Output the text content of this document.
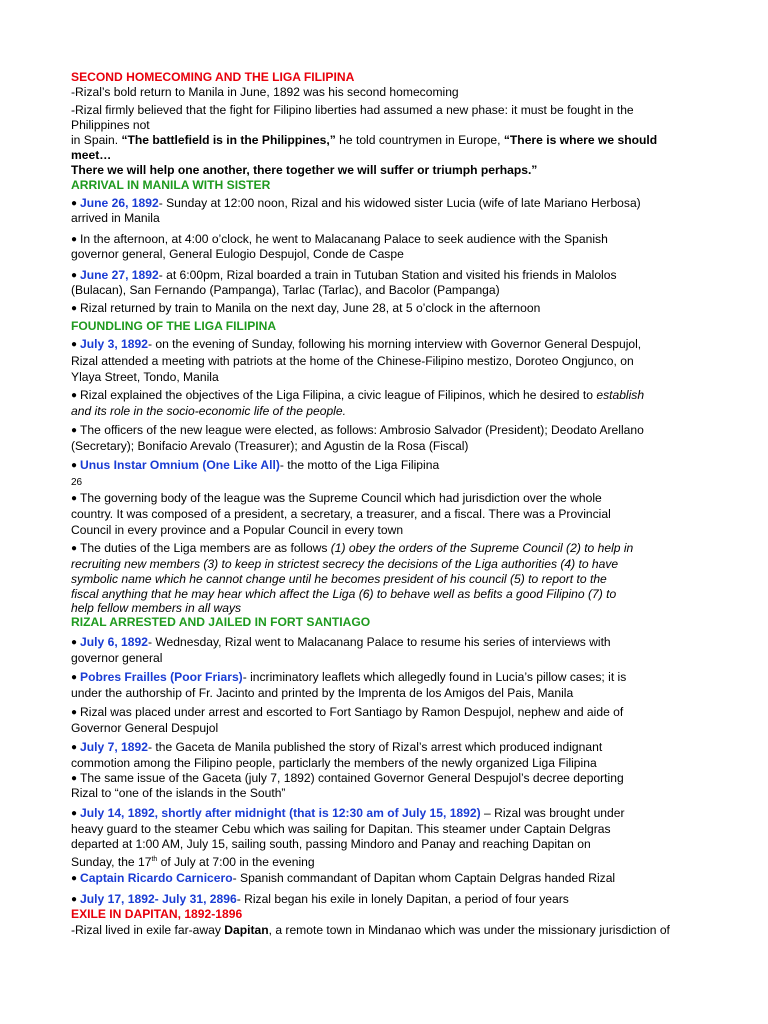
SECOND HOMECOMING AND THE LIGA FILIPINA
-Rizal’s bold return to Manila in June, 1892 was his second homecoming
-Rizal firmly believed that the fight for Filipino liberties had assumed a new phase: it must be fought in the
Philippines not
in Spain. “The battlefield is in the Philippines,” he told countrymen in Europe, “There is where we should
meet…
There we will help one another, there together we will suffer or triumph perhaps.”
ARRIVAL IN MANILA WITH SISTER
● June 26, 1892- Sunday at 12:00 noon, Rizal and his widowed sister Lucia (wife of late Mariano Herbosa)
arrived in Manila
● In the afternoon, at 4:00 o’clock, he went to Malacanang Palace to seek audience with the Spanish
governor general, General Eulogio Despujol, Conde de Caspe
● June 27, 1892- at 6:00pm, Rizal boarded a train in Tutuban Station and visited his friends in Malolos
(Bulacan), San Fernando (Pampanga), Tarlac (Tarlac), and Bacolor (Pampanga)
● Rizal returned by train to Manila on the next day, June 28, at 5 o’clock in the afternoon
FOUNDLING OF THE LIGA FILIPINA
● July 3, 1892- on the evening of Sunday, following his morning interview with Governor General Despujol,
Rizal attended a meeting with patriots at the home of the Chinese-Filipino mestizo, Doroteo Ongjunco, on
Ylaya Street, Tondo, Manila
● Rizal explained the objectives of the Liga Filipina, a civic league of Filipinos, which he desired to establish
and its role in the socio-economic life of the people.
● The officers of the new league were elected, as follows: Ambrosio Salvador (President); Deodato Arellano
(Secretary); Bonifacio Arevalo (Treasurer); and Agustin de la Rosa (Fiscal)
● Unus Instar Omnium (One Like All)- the motto of the Liga Filipina
26
● The governing body of the league was the Supreme Council which had jurisdiction over the whole
country. It was composed of a president, a secretary, a treasurer, and a fiscal. There was a Provincial
Council in every province and a Popular Council in every town
● The duties of the Liga members are as follows (1) obey the orders of the Supreme Council (2) to help in
recruiting new members (3) to keep in strictest secrecy the decisions of the Liga authorities (4) to have
symbolic name which he cannot change until he becomes president of his council (5) to report to the
fiscal anything that he may hear which affect the Liga (6) to behave well as befits a good Filipino (7) to
help fellow members in all ways
RIZAL ARRESTED AND JAILED IN FORT SANTIAGO
● July 6, 1892- Wednesday, Rizal went to Malacanang Palace to resume his series of interviews with
governor general
● Pobres Frailles (Poor Friars)- incriminatory leaflets which allegedly found in Lucia’s pillow cases; it is
under the authorship of Fr. Jacinto and printed by the Imprenta de los Amigos del Pais, Manila
● Rizal was placed under arrest and escorted to Fort Santiago by Ramon Despujol, nephew and aide of
Governor General Despujol
● July 7, 1892- the Gaceta de Manila published the story of Rizal’s arrest which produced indignant
commotion among the Filipino people, particlarly the members of the newly organized Liga Filipina
● The same issue of the Gaceta (july 7, 1892) contained Governor General Despujol’s decree deporting
Rizal to “one of the islands in the South”
● July 14, 1892, shortly after midnight (that is 12:30 am of July 15, 1892) – Rizal was brought under
heavy guard to the steamer Cebu which was sailing for Dapitan. This steamer under Captain Delgras
departed at 1:00 AM, July 15, sailing south, passing Mindoro and Panay and reaching Dapitan on
Sunday, the 17th of July at 7:00 in the evening
● Captain Ricardo Carnicero- Spanish commandant of Dapitan whom Captain Delgras handed Rizal
● July 17, 1892- July 31, 2896- Rizal began his exile in lonely Dapitan, a period of four years
EXILE IN DAPITAN, 1892-1896
-Rizal lived in exile far-away Dapitan, a remote town in Mindanao which was under the missionary jurisdiction of
